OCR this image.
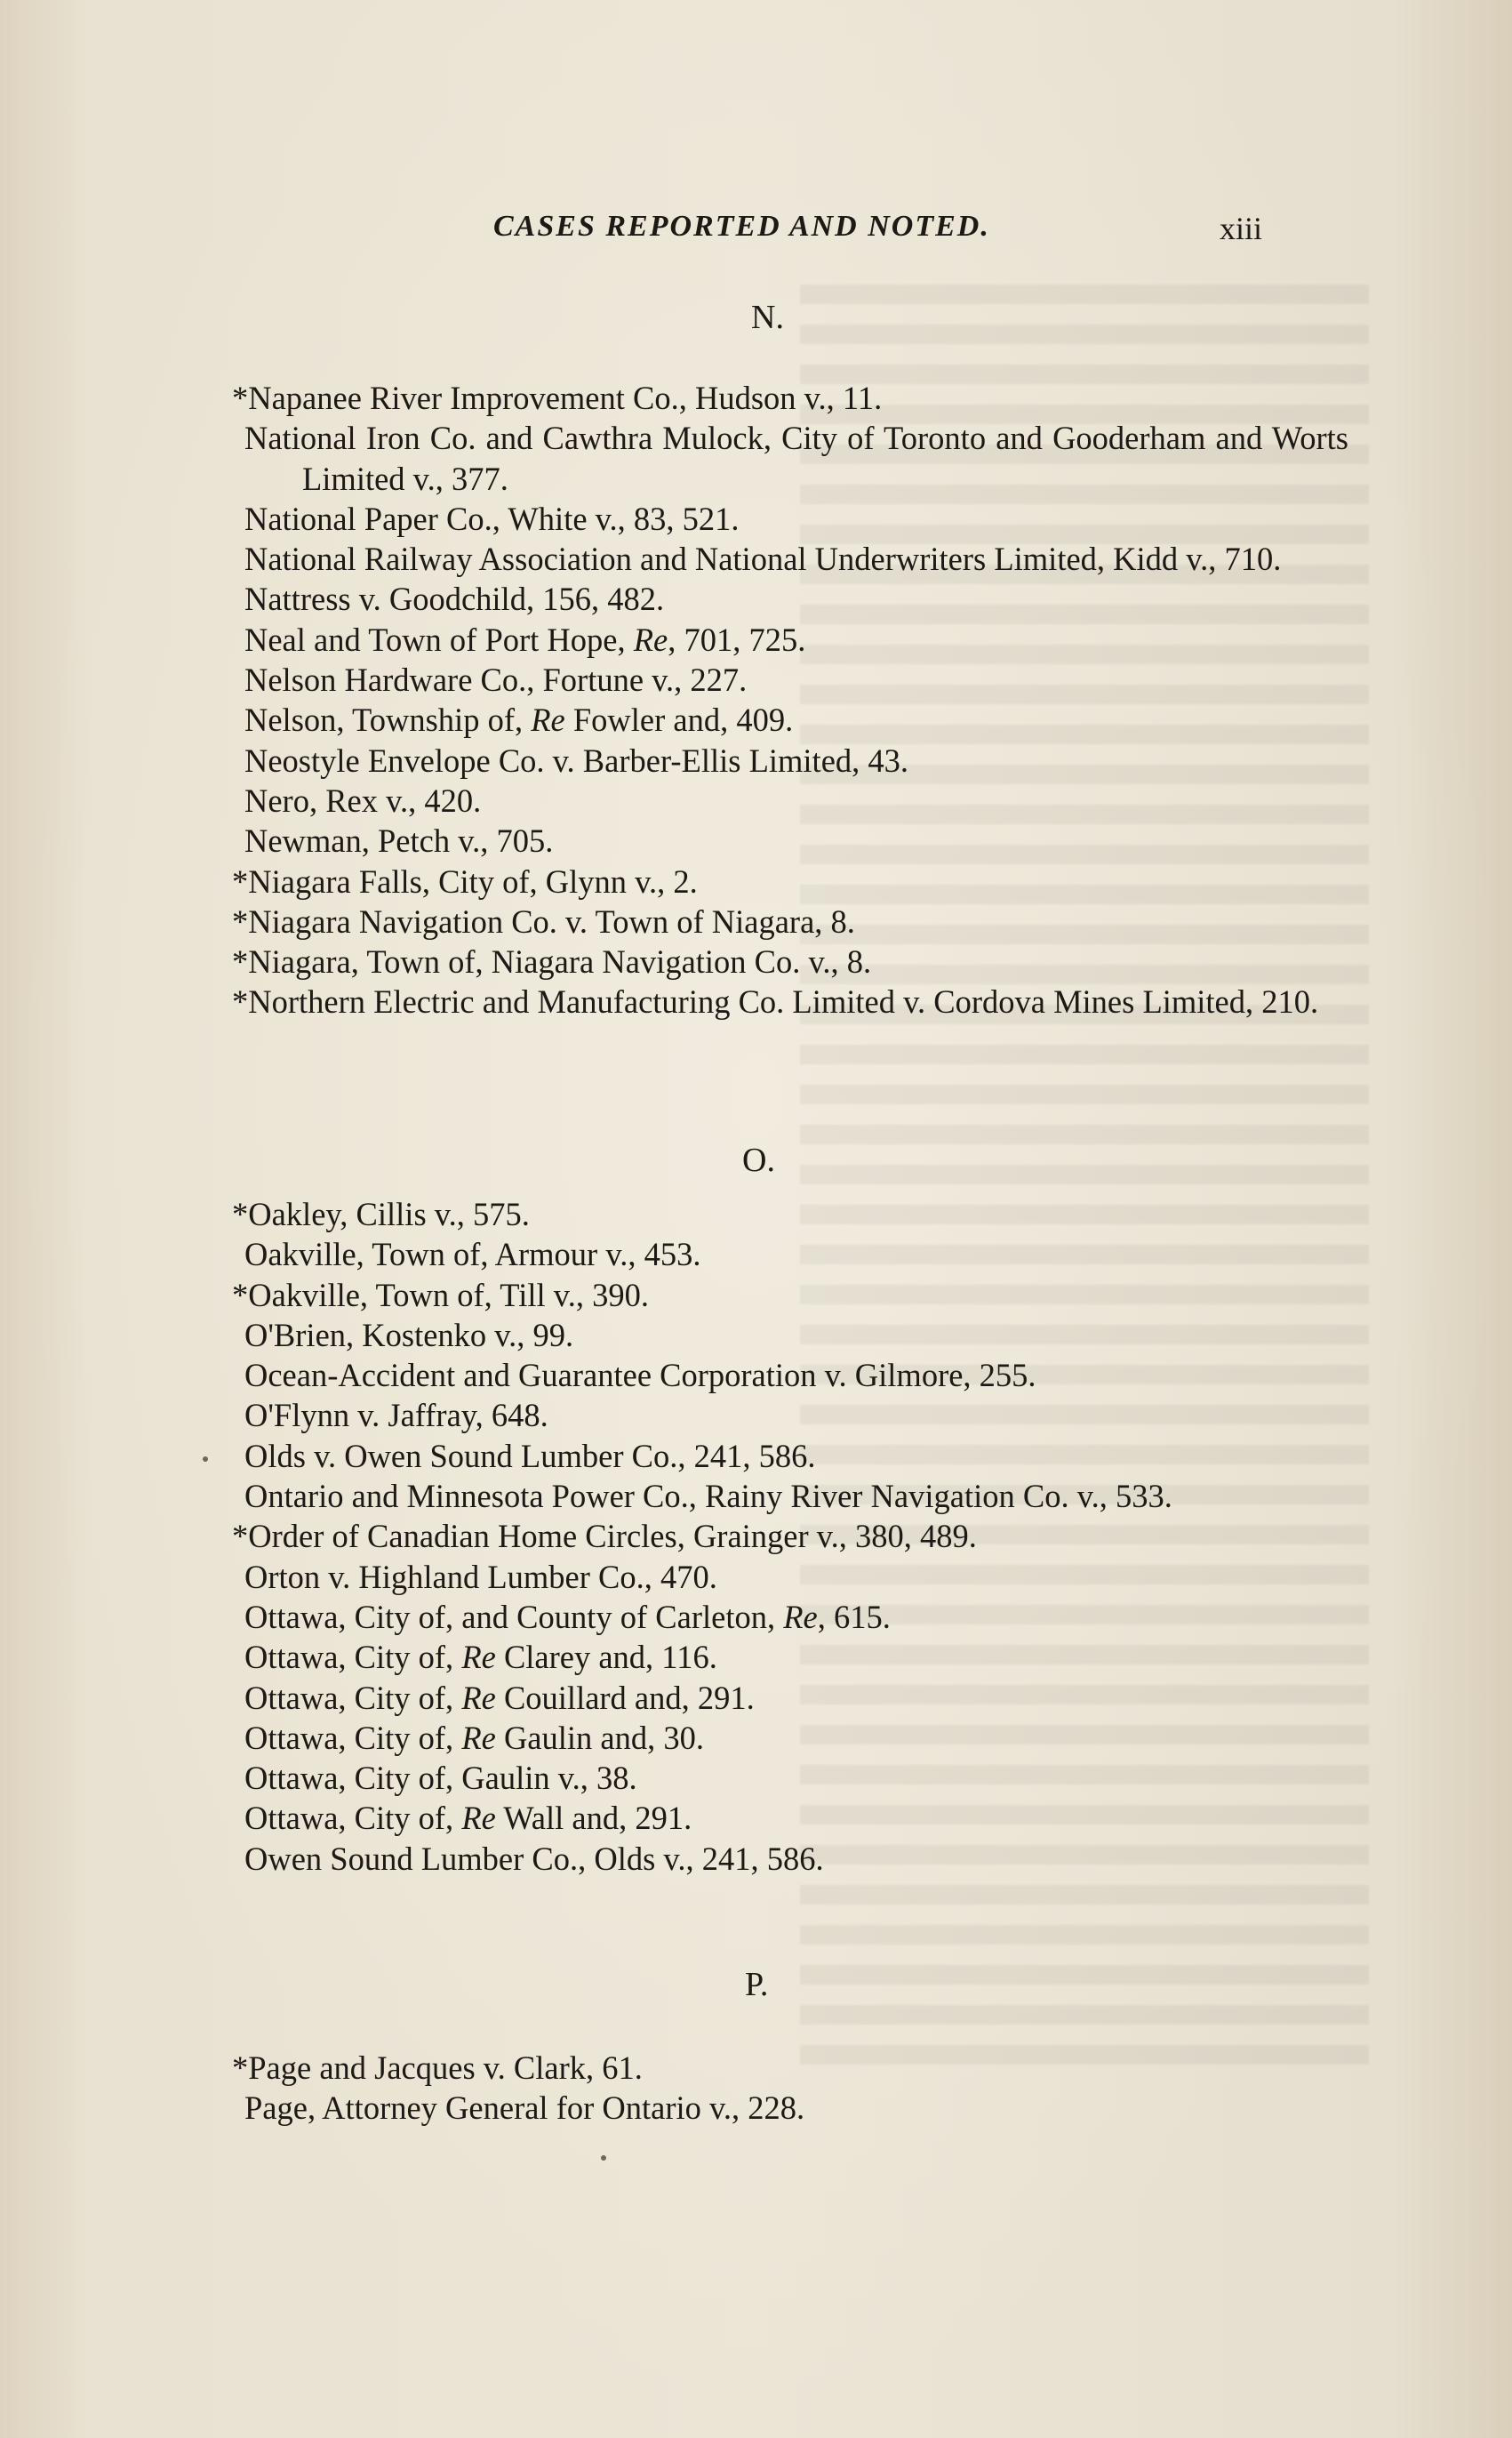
CASES REPORTED AND NOTED.	xiii
N.
*Napanee River Improvement Co., Hudson v., 11.
National Iron Co. and Cawthra Mulock, City of Toronto and Gooderham and Worts Limited v., 377.
National Paper Co., White v., 83, 521.
National Railway Association and National Underwriters Limited, Kidd v., 710.
Nattress v. Goodchild, 156, 482.
Neal and Town of Port Hope, Re, 701, 725.
Nelson Hardware Co., Fortune v., 227.
Nelson, Township of, Re Fowler and, 409.
Neostyle Envelope Co. v. Barber-Ellis Limited, 43.
Nero, Rex v., 420.
Newman, Petch v., 705.
*Niagara Falls, City of, Glynn v., 2.
*Niagara Navigation Co. v. Town of Niagara, 8.
*Niagara, Town of, Niagara Navigation Co. v., 8.
*Northern Electric and Manufacturing Co. Limited v. Cordova Mines Limited, 210.
O.
*Oakley, Cillis v., 575.
Oakville, Town of, Armour v., 453.
*Oakville, Town of, Till v., 390.
O'Brien, Kostenko v., 99.
Ocean-Accident and Guarantee Corporation v. Gilmore, 255.
O'Flynn v. Jaffray, 648.
Olds v. Owen Sound Lumber Co., 241, 586.
Ontario and Minnesota Power Co., Rainy River Navigation Co. v., 533.
*Order of Canadian Home Circles, Grainger v., 380, 489.
Orton v. Highland Lumber Co., 470.
Ottawa, City of, and County of Carleton, Re, 615.
Ottawa, City of, Re Clarey and, 116.
Ottawa, City of, Re Couillard and, 291.
Ottawa, City of, Re Gaulin and, 30.
Ottawa, City of, Gaulin v., 38.
Ottawa, City of, Re Wall and, 291.
Owen Sound Lumber Co., Olds v., 241, 586.
P.
*Page and Jacques v. Clark, 61.
Page, Attorney General for Ontario v., 228.
